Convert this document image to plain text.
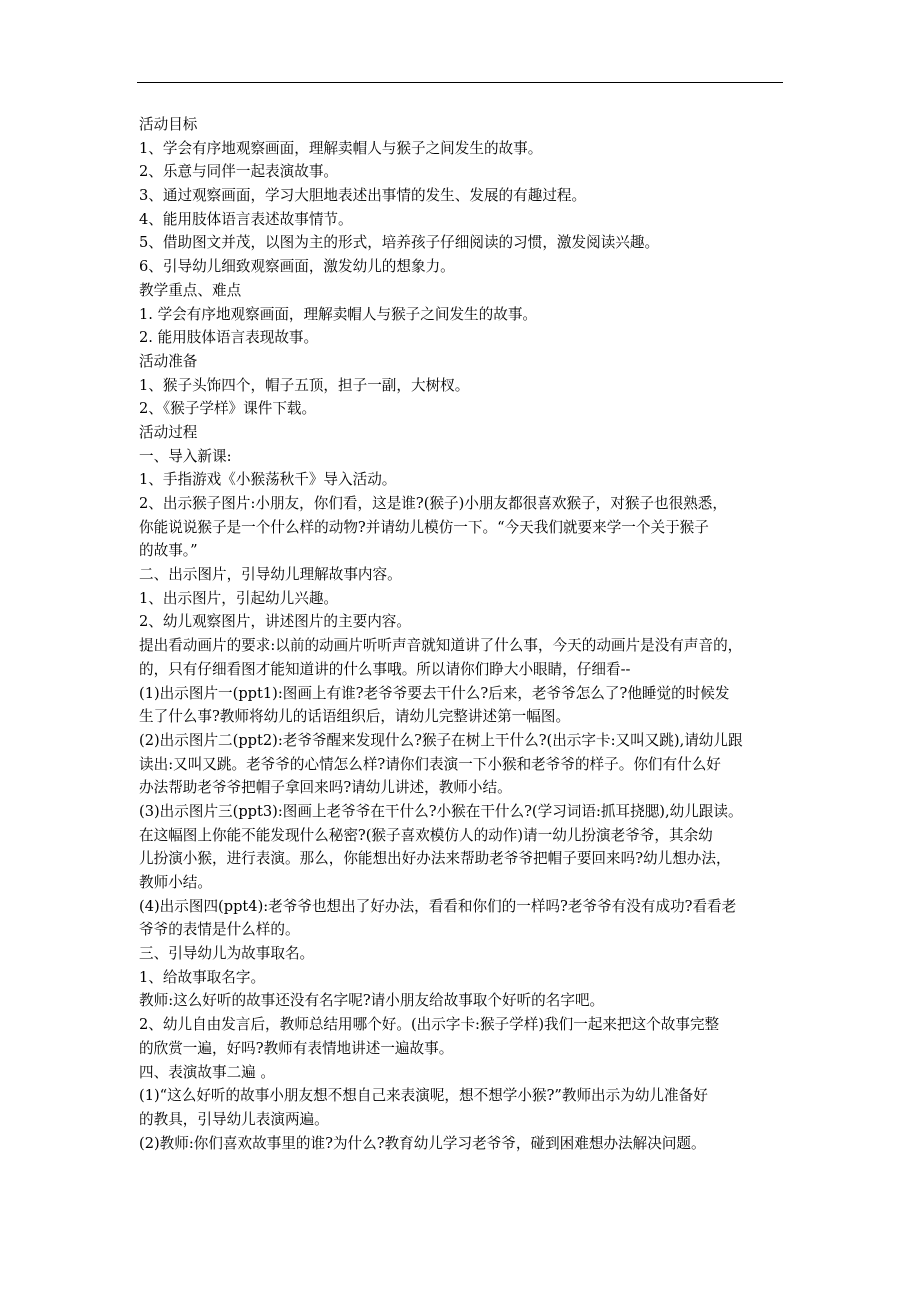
活动目标
1、学会有序地观察画面，理解卖帽人与猴子之间发生的故事。
2、乐意与同伴一起表演故事。
3、通过观察画面，学习大胆地表述出事情的发生、发展的有趣过程。
4、能用肢体语言表述故事情节。
5、借助图文并茂，以图为主的形式，培养孩子仔细阅读的习惯，激发阅读兴趣。
6、引导幼儿细致观察画面，激发幼儿的想象力。
教学重点、难点
1. 学会有序地观察画面，理解卖帽人与猴子之间发生的故事。
2. 能用肢体语言表现故事。
活动准备
1、猴子头饰四个，帽子五顶，担子一副，大树杈。
2、《猴子学样》课件下载。
活动过程
一、导入新课:
1、手指游戏《小猴荡秋千》导入活动。
2、出示猴子图片:小朋友，你们看，这是谁?(猴子)小朋友都很喜欢猴子，对猴子也很熟悉，
你能说说猴子是一个什么样的动物?并请幼儿模仿一下。“今天我们就要来学一个关于猴子
的故事。”
二、出示图片，引导幼儿理解故事内容。
1、出示图片，引起幼儿兴趣。
2、幼儿观察图片，讲述图片的主要内容。
提出看动画片的要求:以前的动画片听听声音就知道讲了什么事，今天的动画片是没有声音的，
的，只有仔细看图才能知道讲的什么事哦。所以请你们睁大小眼睛，仔细看--
(1)出示图片一(ppt1):图画上有谁?老爷爷要去干什么?后来，老爷爷怎么了?他睡觉的时候发
生了什么事?教师将幼儿的话语组织后，请幼儿完整讲述第一幅图。
(2)出示图片二(ppt2):老爷爷醒来发现什么?猴子在树上干什么?(出示字卡:又叫又跳),请幼儿跟
读出:又叫又跳。老爷爷的心情怎么样?请你们表演一下小猴和老爷爷的样子。你们有什么好
办法帮助老爷爷把帽子拿回来吗?请幼儿讲述，教师小结。
(3)出示图片三(ppt3):图画上老爷爷在干什么?小猴在干什么?(学习词语:抓耳挠腮),幼儿跟读。
在这幅图上你能不能发现什么秘密?(猴子喜欢模仿人的动作)请一幼儿扮演老爷爷，其余幼
儿扮演小猴，进行表演。那么，你能想出好办法来帮助老爷爷把帽子要回来吗?幼儿想办法，
教师小结。
(4)出示图四(ppt4):老爷爷也想出了好办法，看看和你们的一样吗?老爷爷有没有成功?看看老
爷爷的表情是什么样的。
三、引导幼儿为故事取名。
1、给故事取名字。
教师:这么好听的故事还没有名字呢?请小朋友给故事取个好听的名字吧。
2、幼儿自由发言后，教师总结用哪个好。(出示字卡:猴子学样)我们一起来把这个故事完整
的欣赏一遍，好吗?教师有表情地讲述一遍故事。
四、表演故事二遍 。
(1)“这么好听的故事小朋友想不想自己来表演呢，想不想学小猴?”教师出示为幼儿准备好
的教具，引导幼儿表演两遍。
(2)教师:你们喜欢故事里的谁?为什么?教育幼儿学习老爷爷，碰到困难想办法解决问题。
